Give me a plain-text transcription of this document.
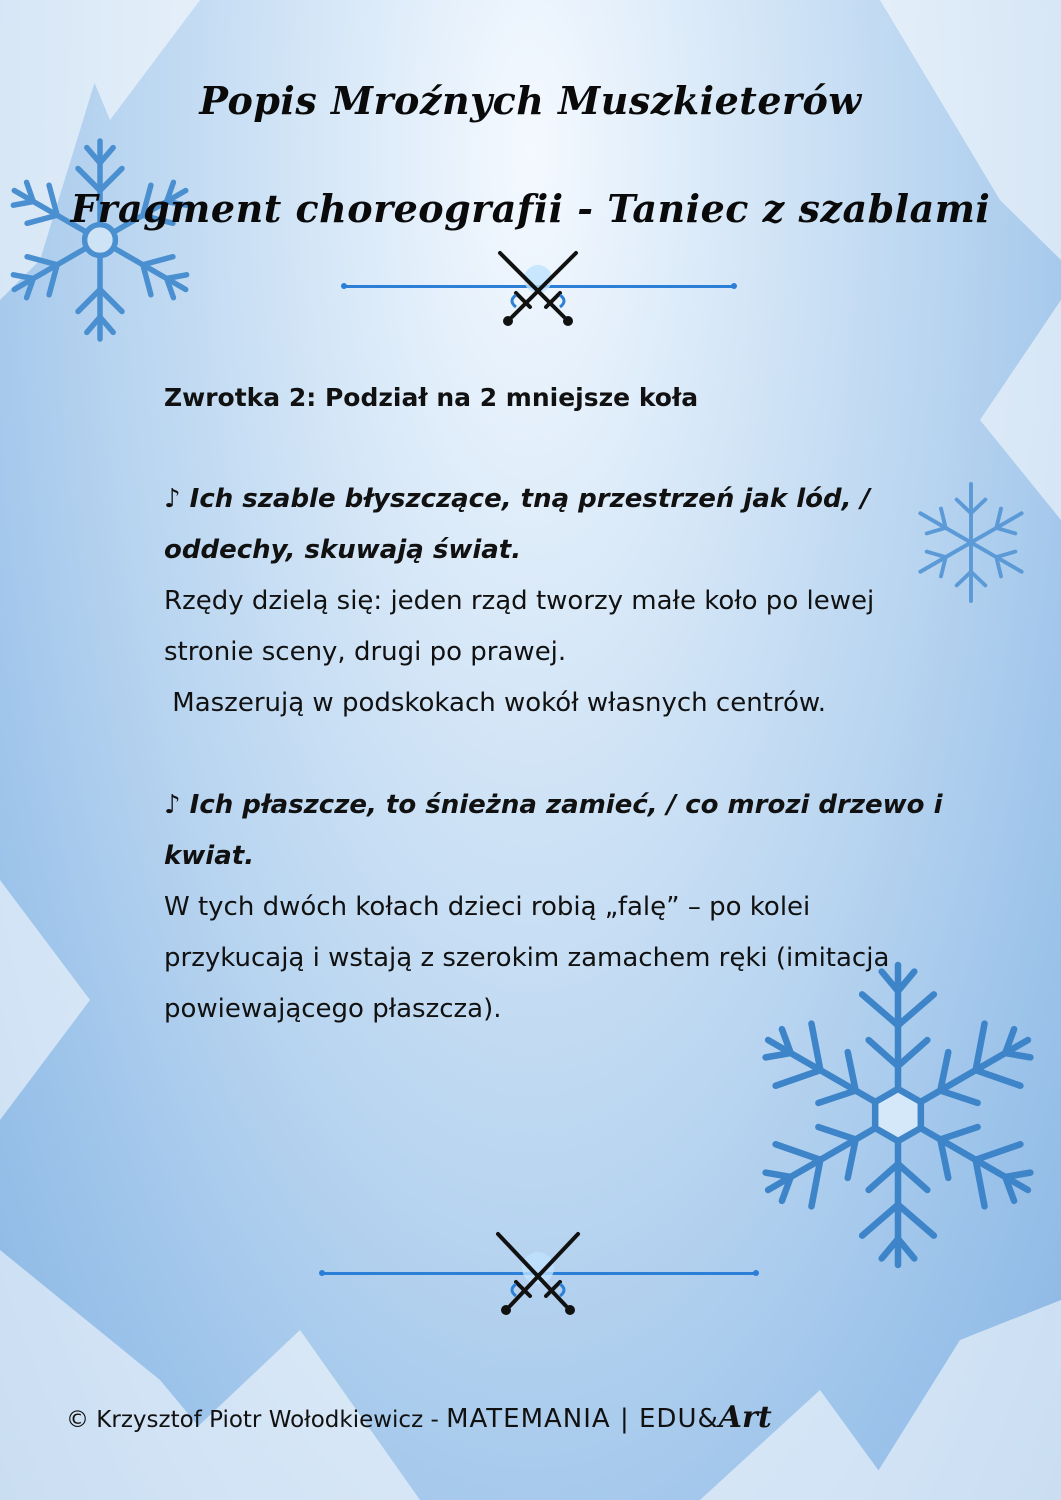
Popis Mroźnych Muszkieterów
Fragment choreografii - Taniec z szablami
Zwrotka 2: Podział na 2 mniejsze koła
♪ Ich szable błyszczące, tną przestrzeń jak lód, / oddechy, skuwają świat.
Rzędy dzielą się: jeden rząd tworzy małe koło po lewej stronie sceny, drugi po prawej.
Maszerują w podskokach wokół własnych centrów.
♪ Ich płaszcze, to śnieżna zamieć, / co mrozi drzewo i kwiat.
W tych dwóch kołach dzieci robią „falę” – po kolei przykucają i wstają z szerokim zamachem ręki (imitacja powiewającego płaszcza).
© Krzysztof Piotr Wołodkiewicz - MATEMANIA | EDU&Art
